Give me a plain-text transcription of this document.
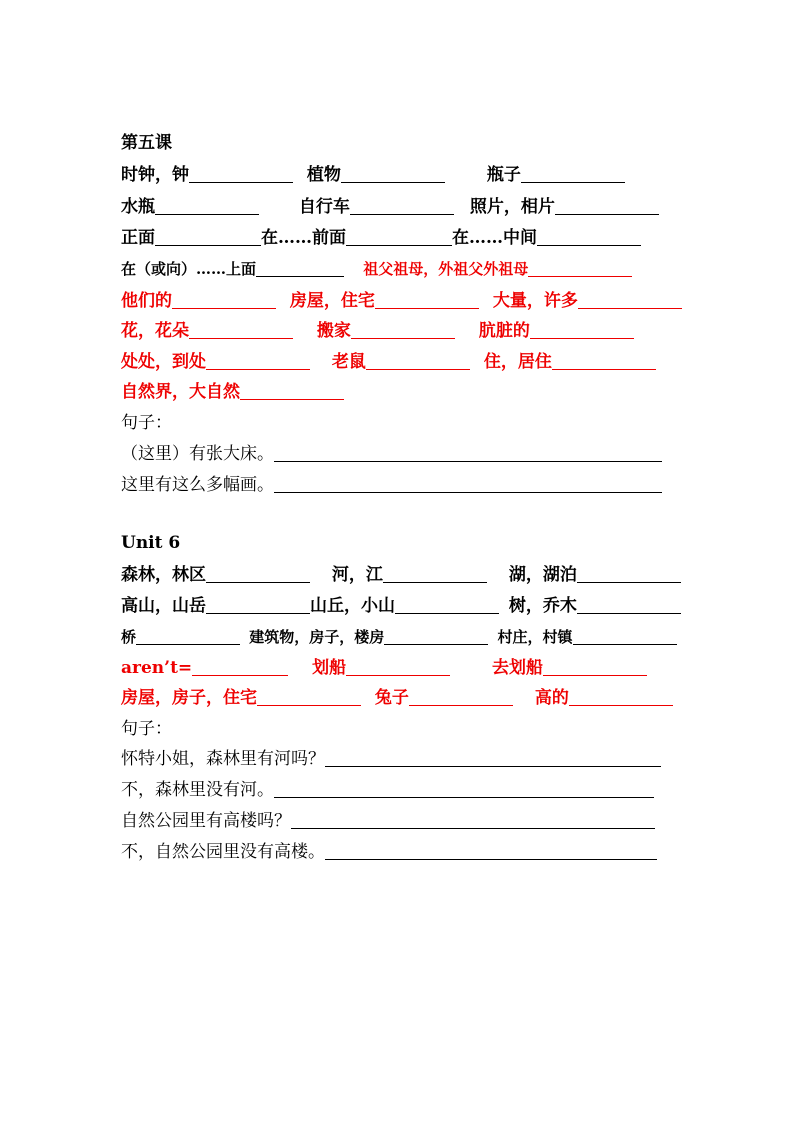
第五课
时钟，钟	植物	瓶子
水瓶	自行车	照片，相片
正面	在……前面	在……中间
在（或向）……上面	祖父祖母，外祖父外祖母
他们的	房屋，住宅	大量，许多
花，花朵	搬家	肮脏的
处处，到处	老鼠	住，居住
自然界，大自然
句子：
（这里）有张大床。
这里有这么多幅画。
Unit 6
森林，林区	河，江	湖，湖泊
高山，山岳	山丘，小山	树，乔木
桥	建筑物，房子，楼房	村庄，村镇
aren’t=	划船	去划船
房屋，房子，住宅	兔子	高的
句子：
怀特小姐，森林里有河吗？
不，森林里没有河。
自然公园里有高楼吗？
不，自然公园里没有高楼。
